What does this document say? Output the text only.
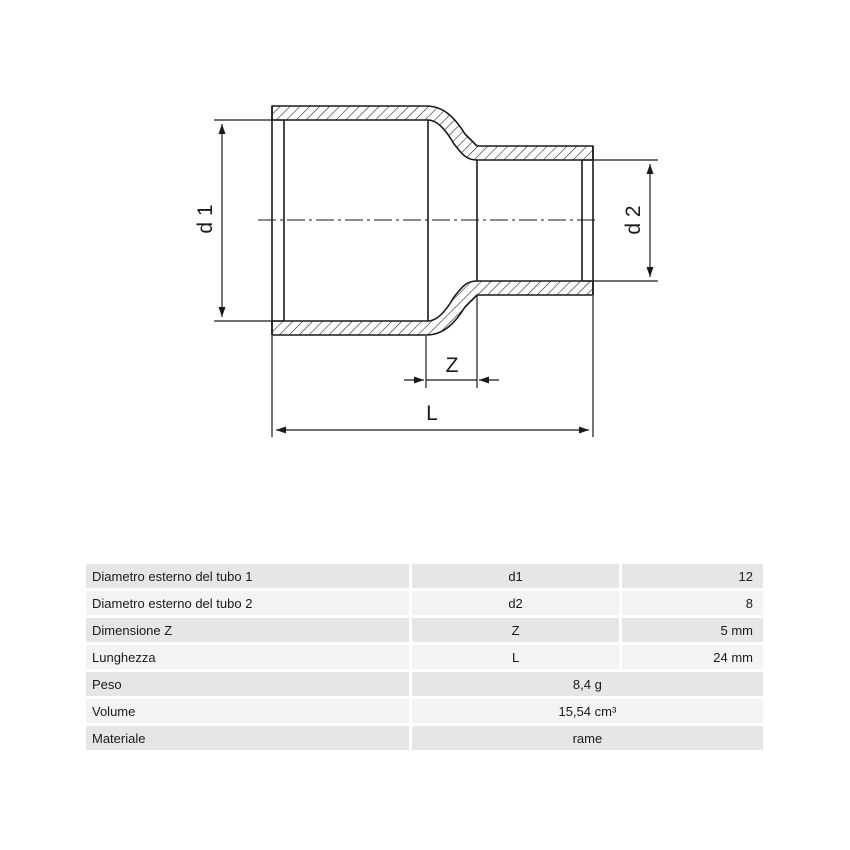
d 1	d 2
Z
L
Diametro esterno del tubo 1	d1	12
Diametro esterno del tubo 2	d2	8
Dimensione Z	Z	5 mm
Lunghezza	L	24 mm
Peso	8,4 g	
Volume	15,54 cm³	
Materiale	rame	
